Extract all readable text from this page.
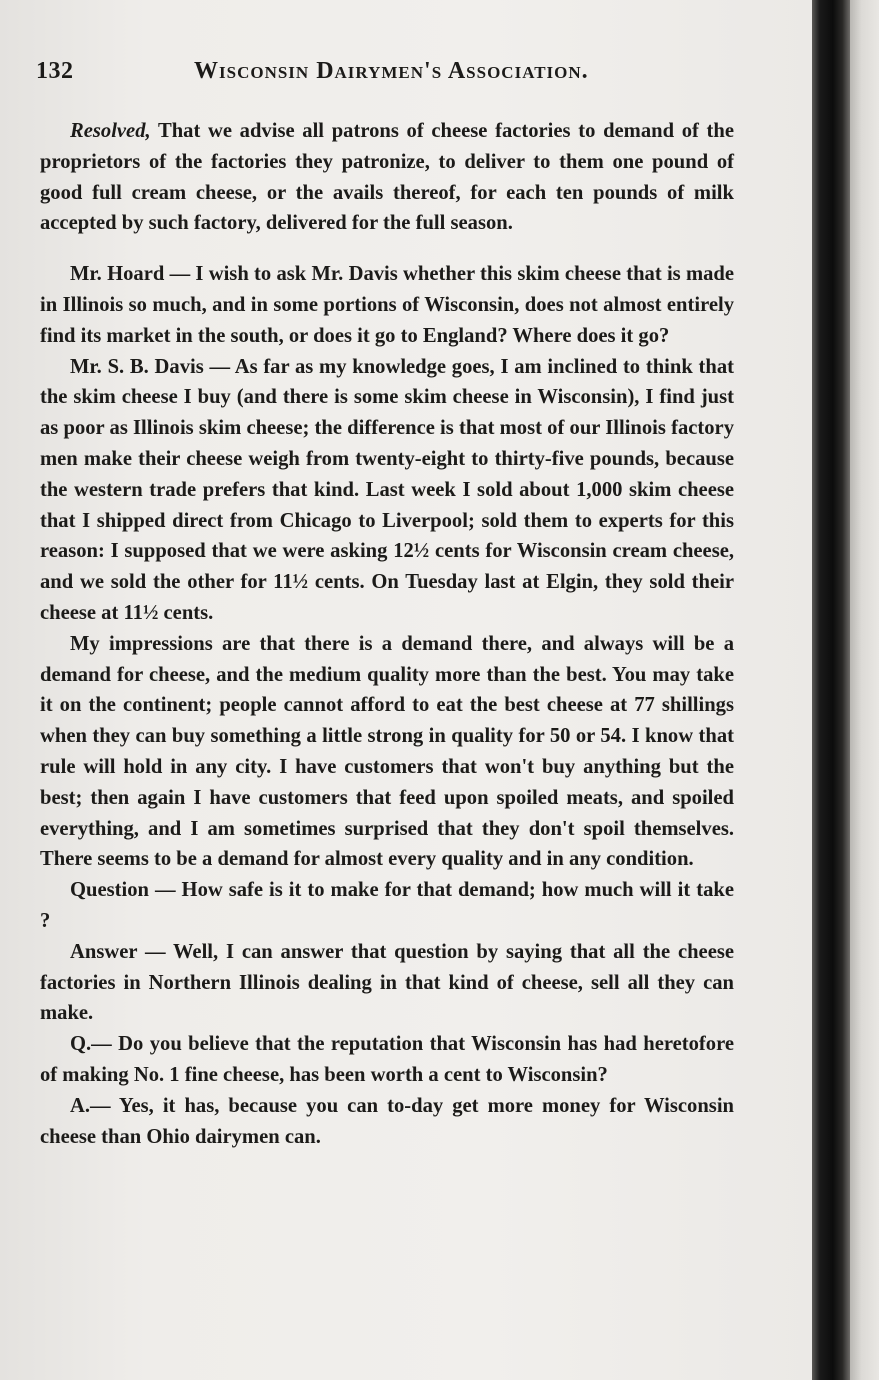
132	Wisconsin Dairymen's Association.

Resolved, That we advise all patrons of cheese factories to demand of the proprietors of the factories they patronize, to deliver to them one pound of good full cream cheese, or the avails thereof, for each ten pounds of milk accepted by such factory, delivered for the full season.

Mr. Hoard — I wish to ask Mr. Davis whether this skim cheese that is made in Illinois so much, and in some portions of Wisconsin, does not almost entirely find its market in the south, or does it go to England? Where does it go?

Mr. S. B. Davis — As far as my knowledge goes, I am inclined to think that the skim cheese I buy (and there is some skim cheese in Wisconsin), I find just as poor as Illinois skim cheese; the difference is that most of our Illinois factory men make their cheese weigh from twenty-eight to thirty-five pounds, because the western trade prefers that kind. Last week I sold about 1,000 skim cheese that I shipped direct from Chicago to Liverpool; sold them to experts for this reason: I supposed that we were asking 12½ cents for Wisconsin cream cheese, and we sold the other for 11½ cents. On Tuesday last at Elgin, they sold their cheese at 11½ cents.

My impressions are that there is a demand there, and always will be a demand for cheese, and the medium quality more than the best. You may take it on the continent; people cannot afford to eat the best cheese at 77 shillings when they can buy something a little strong in quality for 50 or 54. I know that rule will hold in any city. I have customers that won't buy anything but the best; then again I have customers that feed upon spoiled meats, and spoiled everything, and I am sometimes surprised that they don't spoil themselves. There seems to be a demand for almost every quality and in any condition.

Question — How safe is it to make for that demand; how much will it take ?

Answer — Well, I can answer that question by saying that all the cheese factories in Northern Illinois dealing in that kind of cheese, sell all they can make.

Q.— Do you believe that the reputation that Wisconsin has had heretofore of making No. 1 fine cheese, has been worth a cent to Wisconsin?

A.— Yes, it has, because you can to-day get more money for Wisconsin cheese than Ohio dairymen can.
